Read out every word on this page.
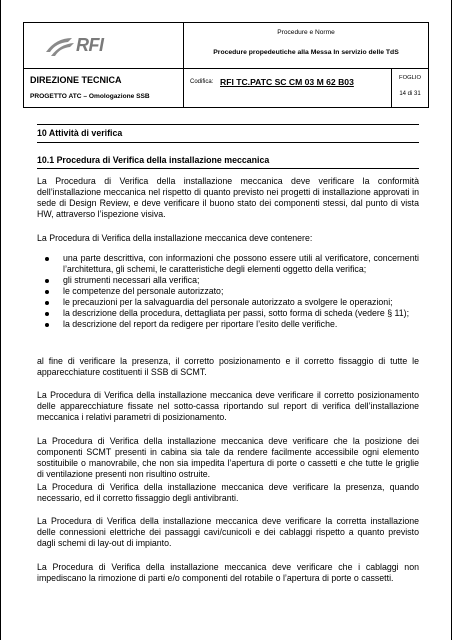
RFI
Procedure e Norme
Procedure propedeutiche alla Messa In servizio delle TdS
DIREZIONE TECNICA
PROGETTO ATC – Omologazione SSB
Codifica: RFI TC.PATC SC CM 03 M 62 B03	FOGLIO
14 di 31
10 Attività di verifica
10.1 Procedura di Verifica della installazione meccanica
La Procedura di Verifica della installazione meccanica deve verificare la conformità dell’installazione meccanica nel rispetto di quanto previsto nei progetti di installazione approvati in sede di Design Review, e deve verificare il buono stato dei componenti stessi, dal punto di vista HW, attraverso l’ispezione visiva.
La Procedura di Verifica della installazione meccanica deve contenere:
una parte descrittiva, con informazioni che possono essere utili al verificatore, concernenti l’architettura, gli schemi, le caratteristiche degli elementi oggetto della verifica;
gli strumenti necessari alla verifica;
le competenze del personale autorizzato;
le precauzioni per la salvaguardia del personale autorizzato a svolgere le operazioni;
la descrizione della procedura, dettagliata per passi, sotto forma di scheda (vedere § 11);
la descrizione del report da redigere per riportare l’esito delle verifiche.
al fine di verificare la presenza, il corretto posizionamento e il corretto fissaggio di tutte le apparecchiature costituenti il SSB di SCMT.
La Procedura di Verifica della installazione meccanica deve verificare il corretto posizionamento delle apparecchiature fissate nel sotto-cassa riportando sul report di verifica dell’installazione meccanica i relativi parametri di posizionamento.
La Procedura di Verifica della installazione meccanica deve verificare che la posizione dei componenti SCMT presenti in cabina sia tale da rendere facilmente accessibile ogni elemento sostituibile o manovrabile, che non sia impedita l’apertura di porte o cassetti e che tutte le griglie di ventilazione presenti non risultino ostruite.
La Procedura di Verifica della installazione meccanica deve verificare la presenza, quando necessario, ed il corretto fissaggio degli antivibranti.
La Procedura di Verifica della installazione meccanica deve verificare la corretta installazione delle connessioni elettriche dei passaggi cavi/cunicoli e dei cablaggi rispetto a quanto previsto dagli schemi di lay-out di impianto.
La Procedura di Verifica della installazione meccanica deve verificare che i cablaggi non impediscano la rimozione di parti e/o componenti del rotabile o l’apertura di porte o cassetti.
